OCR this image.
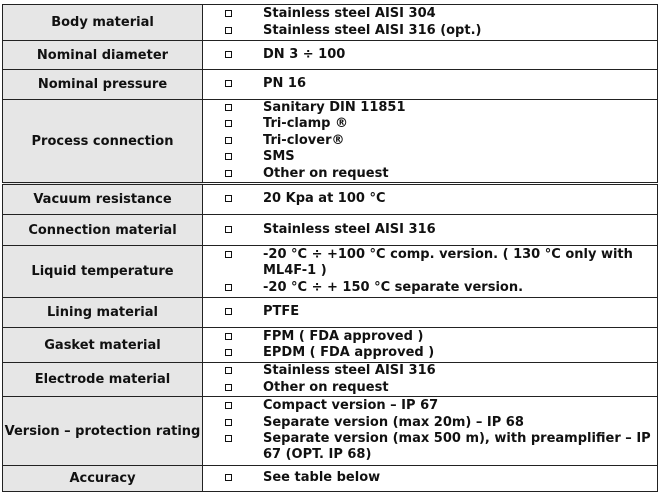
Body material	Stainless steel AISI 304
Stainless steel AISI 316 (opt.)

Nominal diameter	DN 3 ÷ 100

Nominal pressure	PN 16

Process connection	Sanitary DIN 11851
Tri-clamp ®
Tri-clover®
SMS
Other on request

Vacuum resistance	20 Kpa at 100 °C

Connection material	Stainless steel AISI 316

Liquid temperature	-20 °C ÷ +100 °C comp. version. ( 130 °C only with ML4F-1 )
-20 °C ÷ + 150 °C separate version.

Lining material	PTFE

Gasket material	FPM ( FDA approved )
EPDM ( FDA approved )

Electrode material	Stainless steel AISI 316
Other on request

Version – protection rating	Compact version – IP 67
Separate version (max 20m) – IP 68
Separate version (max 500 m), with preamplifier – IP 67 (OPT. IP 68)

Accuracy	See table below
